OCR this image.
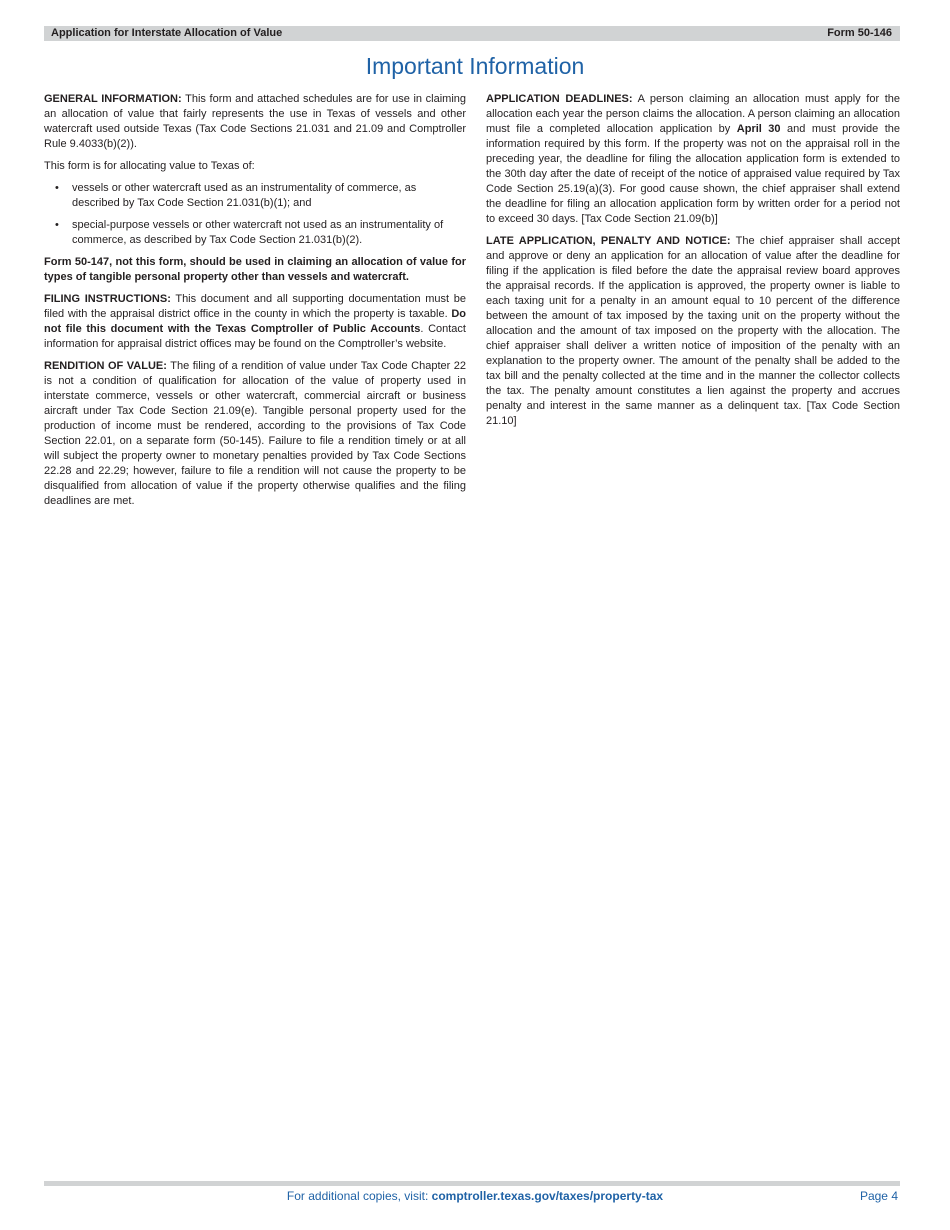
Application for Interstate Allocation of Value	Form 50-146
Important Information

GENERAL INFORMATION: This form and attached schedules are for use in claiming an allocation of value that fairly represents the use in Texas of vessels and other watercraft used outside Texas (Tax Code Sections 21.031 and 21.09 and Comptroller Rule 9.4033(b)(2)).

This form is for allocating value to Texas of:

• vessels or other watercraft used as an instrumentality of commerce, as described by Tax Code Section 21.031(b)(1); and
• special-purpose vessels or other watercraft not used as an instrumentality of commerce, as described by Tax Code Section 21.031(b)(2).

Form 50-147, not this form, should be used in claiming an allocation of value for types of tangible personal property other than vessels and watercraft.

FILING INSTRUCTIONS: This document and all supporting documentation must be filed with the appraisal district office in the county in which the property is taxable. Do not file this document with the Texas Comptroller of Public Accounts. Contact information for appraisal district offices may be found on the Comptroller’s website.

RENDITION OF VALUE: The filing of a rendition of value under Tax Code Chapter 22 is not a condition of qualification for allocation of the value of property used in interstate commerce, vessels or other watercraft, commercial aircraft or business aircraft under Tax Code Section 21.09(e). Tangible personal property used for the production of income must be rendered, according to the provisions of Tax Code Section 22.01, on a separate form (50-145). Failure to file a rendition timely or at all will subject the property owner to monetary penalties provided by Tax Code Sections 22.28 and 22.29; however, failure to file a rendition will not cause the property to be disqualified from allocation of value if the property otherwise qualifies and the filing deadlines are met.

APPLICATION DEADLINES: A person claiming an allocation must apply for the allocation each year the person claims the allocation. A person claiming an allocation must file a completed allocation application by April 30 and must provide the information required by this form. If the property was not on the appraisal roll in the preceding year, the deadline for filing the allocation application form is extended to the 30th day after the date of receipt of the notice of appraised value required by Tax Code Section 25.19(a)(3). For good cause shown, the chief appraiser shall extend the deadline for filing an allocation application form by written order for a period not to exceed 30 days. [Tax Code Section 21.09(b)]

LATE APPLICATION, PENALTY AND NOTICE: The chief appraiser shall accept and approve or deny an application for an allocation of value after the deadline for filing if the application is filed before the date the appraisal review board approves the appraisal records. If the application is approved, the property owner is liable to each taxing unit for a penalty in an amount equal to 10 percent of the difference between the amount of tax imposed by the taxing unit on the property without the allocation and the amount of tax imposed on the property with the allocation. The chief appraiser shall deliver a written notice of imposition of the penalty with an explanation to the property owner. The amount of the penalty shall be added to the tax bill and the penalty collected at the time and in the manner the collector collects the tax. The penalty amount constitutes a lien against the property and accrues penalty and interest in the same manner as a delinquent tax. [Tax Code Section 21.10]

For additional copies, visit: comptroller.texas.gov/taxes/property-tax	Page 4
